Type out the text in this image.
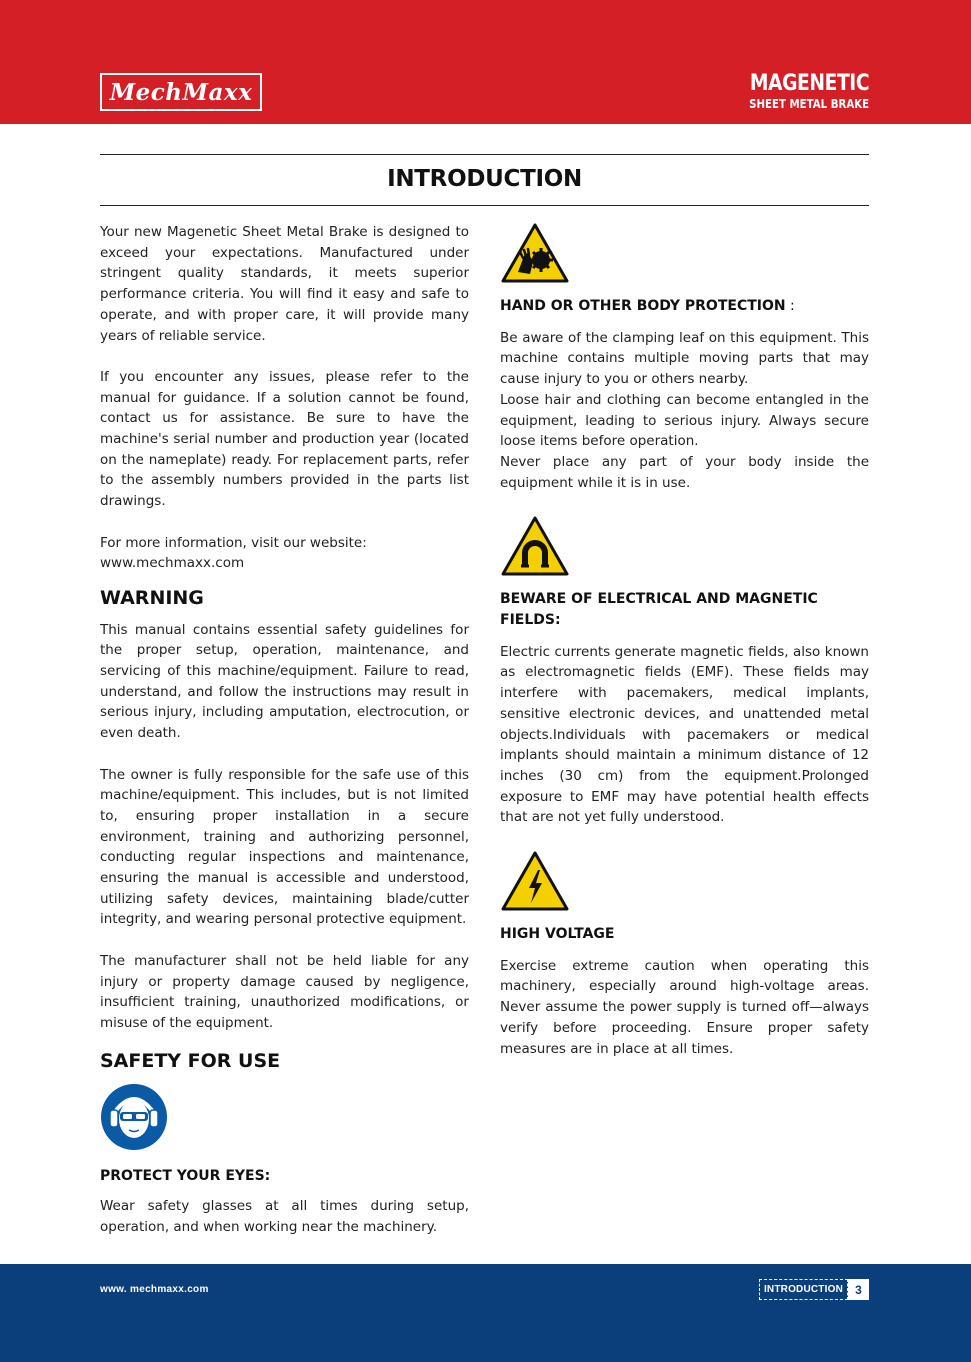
MechMaxx	MAGENETIC
SHEET METAL BRAKE
INTRODUCTION

Your new Magenetic Sheet Metal Brake is designed to exceed your expectations. Manufactured under stringent quality standards, it meets superior performance criteria. You will find it easy and safe to operate, and with proper care, it will provide many years of reliable service.

If you encounter any issues, please refer to the manual for guidance. If a solution cannot be found, contact us for assistance. Be sure to have the machine's serial number and production year (located on the nameplate) ready. For replacement parts, refer to the assembly numbers provided in the parts list drawings.

For more information, visit our website:

www.mechmaxx.com

WARNING

This manual contains essential safety guidelines for the proper setup, operation, maintenance, and servicing of this machine/equipment. Failure to read, understand, and follow the instructions may result in serious injury, including amputation, electrocution, or even death.

The owner is fully responsible for the safe use of this machine/equipment. This includes, but is not limited to, ensuring proper installation in a secure environment, training and authorizing personnel, conducting regular inspections and maintenance, ensuring the manual is accessible and understood, utilizing safety devices, maintaining blade/cutter integrity, and wearing personal protective equipment.

The manufacturer shall not be held liable for any injury or property damage caused by negligence, insufficient training, unauthorized modifications, or misuse of the equipment.

SAFETY FOR USE
PROTECT YOUR EYES:

Wear safety glasses at all times during setup, operation, and when working near the machinery.

HAND OR OTHER BODY PROTECTION :

Be aware of the clamping leaf on this equipment. This machine contains multiple moving parts that may cause injury to you or others nearby.

Loose hair and clothing can become entangled in the equipment, leading to serious injury. Always secure loose items before operation.

Never place any part of your body inside the equipment while it is in use.

BEWARE OF ELECTRICAL AND MAGNETIC FIELDS:

Electric currents generate magnetic fields, also known as electromagnetic fields (EMF). These fields may interfere with pacemakers, medical implants, sensitive electronic devices, and unattended metal objects.Individuals with pacemakers or medical implants should maintain a minimum distance of 12 inches (30 cm) from the equipment.Prolonged exposure to EMF may have potential health effects that are not yet fully understood.

HIGH VOLTAGE

Exercise extreme caution when operating this machinery, especially around high-voltage areas. Never assume the power supply is turned off—always verify before proceeding. Ensure proper safety measures are in place at all times.

www. mechmaxx.com	INTRODUCTION	3
